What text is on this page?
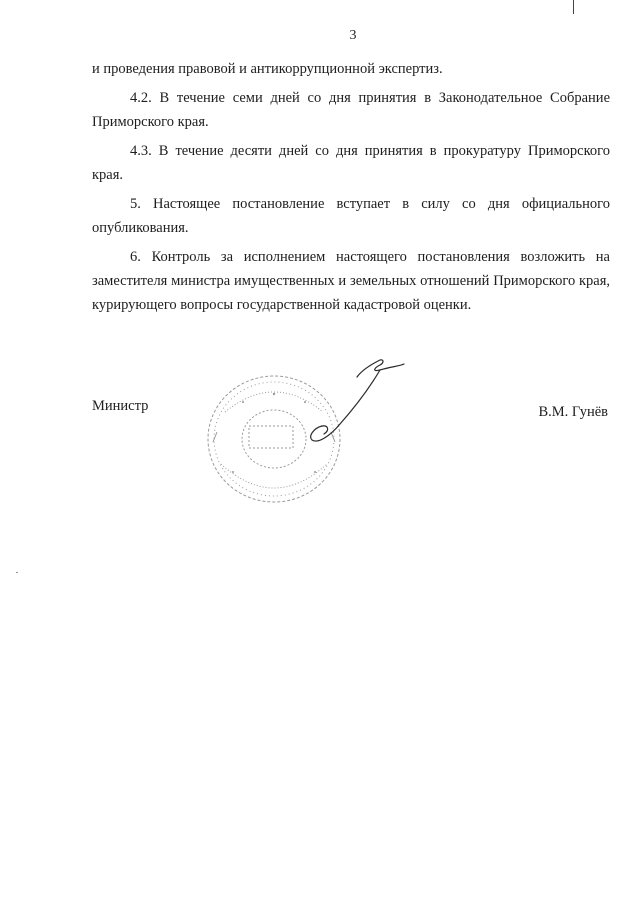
3

и проведения правовой и антикоррупционной экспертиз.

4.2. В течение семи дней со дня принятия в Законодательное Собрание Приморского края.

4.3. В течение десяти дней со дня принятия в прокуратуру Приморского края.

5. Настоящее постановление вступает в силу со дня официального опубликования.

6. Контроль за исполнением настоящего постановления возложить на заместителя министра имущественных и земельных отношений Приморского края, курирующего вопросы государственной кадастровой оценки.

Министр	В.М. Гунёв
